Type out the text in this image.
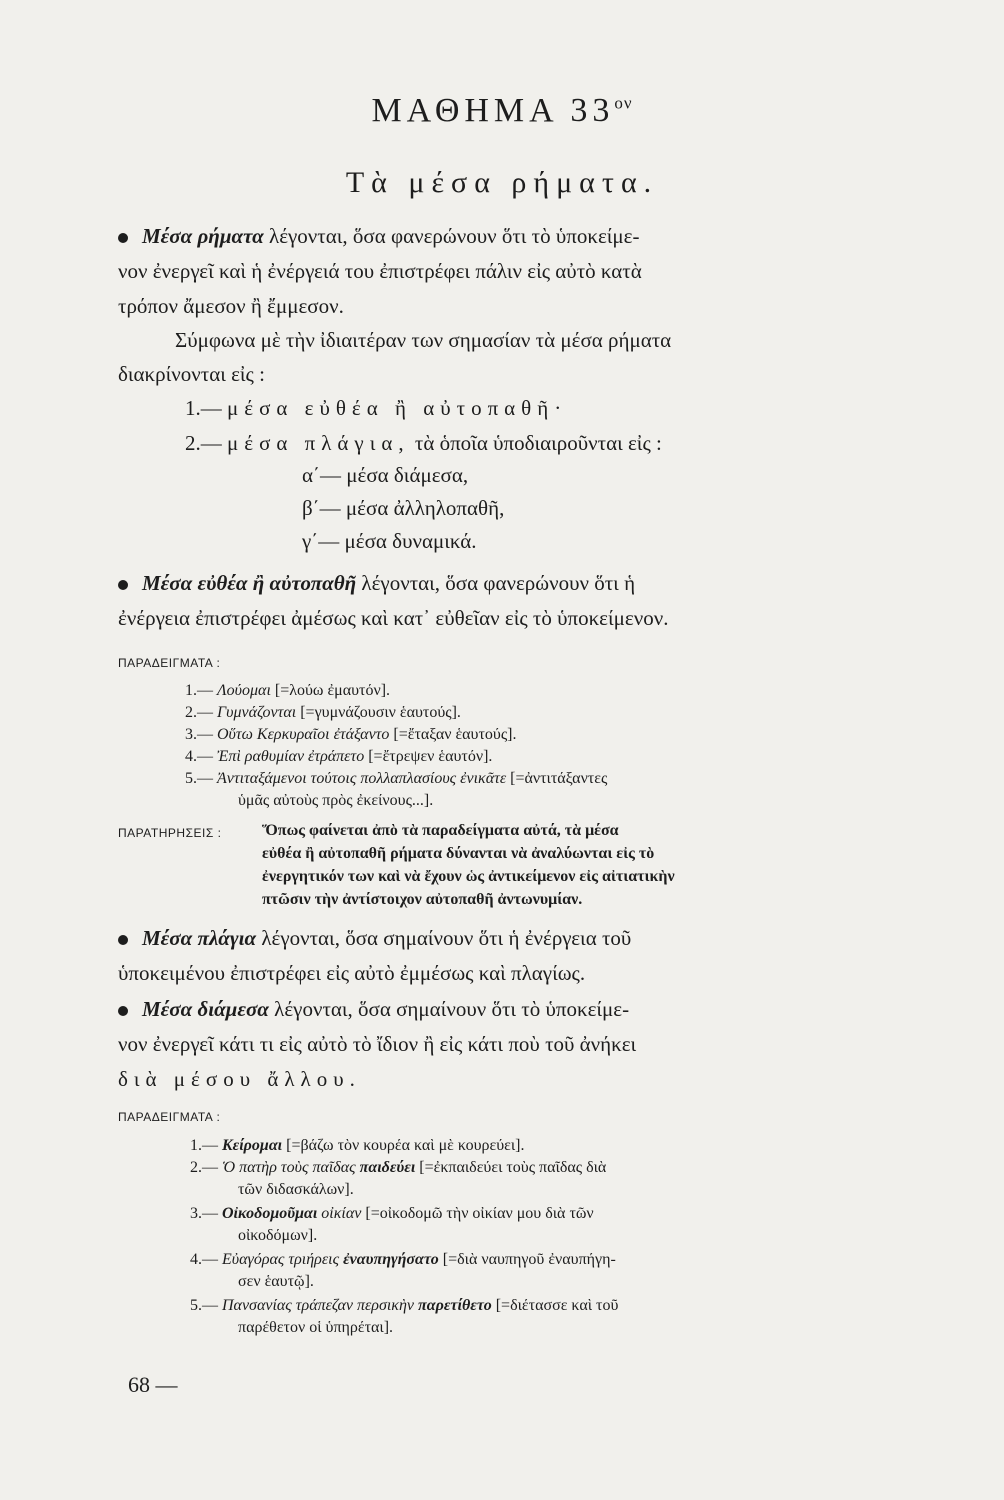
ΜΑΘΗΜΑ $33^{o\nu}$
Τὰ μέσα ρήματα.
Μέσα ρήματα λέγονται, ὅσα φανερώνουν ὅτι τὸ ὑποκείμε-
νον ἐνεργεῖ καὶ ἡ ἐνέργειά του ἐπιστρέφει πάλιν εἰς αὐτὸ κατὰ
τρόπον ἄμεσον ἢ ἔμμεσον.
Σύμφωνα μὲ τὴν ἰδιαιτέραν των σημασίαν τὰ μέσα ρήματα
διακρίνονται εἰς :
1.— μέσα εὐθέα ἢ αὐτοπαθῆ·
2.— μέσα πλάγια, τὰ ὁποῖα ὑποδιαιροῦνται εἰς :
α΄— μέσα διάμεσα,
β΄— μέσα ἀλληλοπαθῆ,
γ΄— μέσα δυναμικά.
Μέσα εὐθέα ἢ αὐτοπαθῆ λέγονται, ὅσα φανερώνουν ὅτι ἡ
ἐνέργεια ἐπιστρέφει ἀμέσως καὶ κατ᾿ εὐθεῖαν εἰς τὸ ὑποκείμενον.
ΠΑΡΑΔΕΙΓΜΑΤΑ :
1.— Λούομαι [=λούω ἐμαυτόν].
2.— Γυμνάζονται [=γυμνάζουσιν ἑαυτούς].
3.— Οὕτω Κερκυραῖοι ἐτάξαντο [=ἔταξαν ἑαυτούς].
4.— Ἐπὶ ραθυμίαν ἐτράπετο [=ἔτρεψεν ἑαυτόν].
5.— Ἀντιταξάμενοι τούτοις πολλαπλασίους ἐνικᾶτε [=ἀντιτάξαντες
ὑμᾶς αὐτοὺς πρὸς ἐκείνους...].
ΠΑΡΑΤΗΡΗΣΕΙΣ :	Ὅπως φαίνεται ἀπὸ τὰ παραδείγματα αὐτά, τὰ μέσα
εὐθέα ἢ αὐτοπαθῆ ρήματα δύνανται νὰ ἀναλύωνται εἰς τὸ
ἐνεργητικόν των καὶ νὰ ἔχουν ὡς ἀντικείμενον εἰς αἰτιατικὴν
πτῶσιν τὴν ἀντίστοιχον αὐτοπαθῆ ἀντωνυμίαν.
Μέσα πλάγια λέγονται, ὅσα σημαίνουν ὅτι ἡ ἐνέργεια τοῦ
ὑποκειμένου ἐπιστρέφει εἰς αὐτὸ ἐμμέσως καὶ πλαγίως.
Μέσα διάμεσα λέγονται, ὅσα σημαίνουν ὅτι τὸ ὑποκείμε-
νον ἐνεργεῖ κάτι τι εἰς αὐτὸ τὸ ἴδιον ἢ εἰς κάτι ποὺ τοῦ ἀνήκει
διὰ μέσου ἄλλου.
ΠΑΡΑΔΕΙΓΜΑΤΑ :
1.— Κείρομαι [=βάζω τὸν κουρέα καὶ μὲ κουρεύει].
2.— Ὁ πατὴρ τοὺς παῖδας παιδεύει [=ἐκπαιδεύει τοὺς παῖδας διὰ
τῶν διδασκάλων].
3.— Οἰκοδομοῦμαι οἰκίαν [=οἰκοδομῶ τὴν οἰκίαν μου διὰ τῶν
οἰκοδόμων].
4.— Εὐαγόρας τριήρεις ἐναυπηγήσατο [=διὰ ναυπηγοῦ ἐναυπήγη-
σεν ἑαυτῷ].
5.— Πανσανίας τράπεζαν περσικὴν παρετίθετο [=διέτασσε καὶ τοῦ
παρέθετον οἱ ὑπηρέται].
68 —
